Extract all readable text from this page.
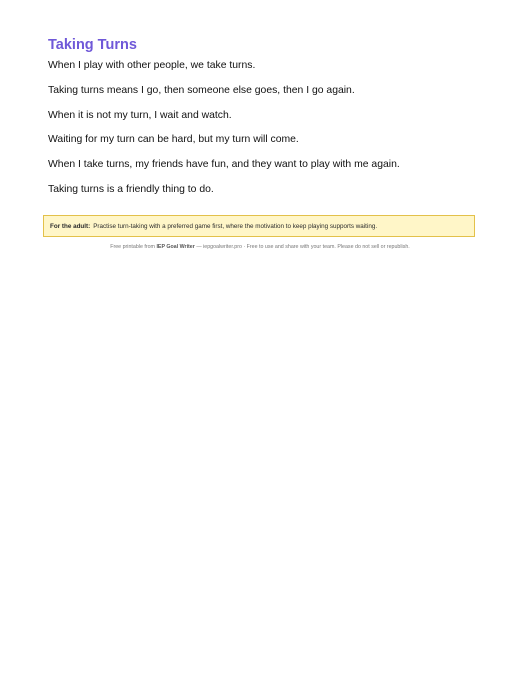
Taking Turns

When I play with other people, we take turns.

Taking turns means I go, then someone else goes, then I go again.

When it is not my turn, I wait and watch.

Waiting for my turn can be hard, but my turn will come.

When I take turns, my friends have fun, and they want to play with me again.

Taking turns is a friendly thing to do.

For the adult: Practise turn-taking with a preferred game first, where the motivation to keep playing supports waiting.
Free printable from IEP Goal Writer — iepgoalwriter.pro · Free to use and share with your team. Please do not sell or republish.
